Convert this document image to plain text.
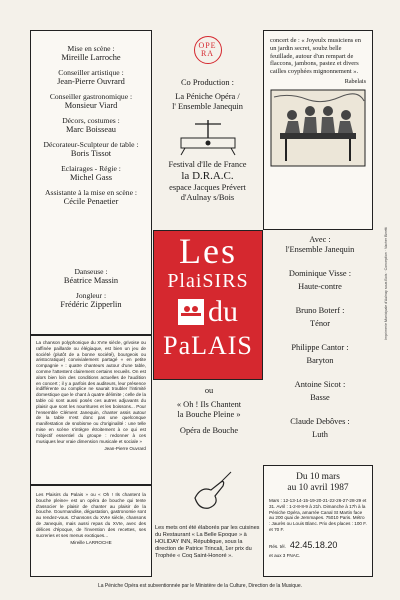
Mise en scène :
Mireille Larroche
Conseiller artistique :
Jean-Pierre Ouvrard
Conseiller gastronomique :
Monsieur Viard
Décors, costumes :
Marc Boisseau
Décorateur-Sculpteur de table :
Boris Tissot
Eclairages - Régie :
Michel Gass
Assistante à la mise en scène :
Cécile Penaetier
OPE RA
Co Production :
La Péniche Opéra /
l' Ensemble Janequin
Festival d'Ile de France
la D.R.A.C.
espace Jacques Prévert
d'Aulnay s/Bois
concert de : « Joyeulx musiciens en un jardin secret, soubz belle feuillade, autour d'un rempart de flaccons, jambons, pastez et divers cailles coyphées mignonnement ».
Rabelais
Les
PlaiSIRS
du
PaLAIS
Avec :
l'Ensemble Janequin
Dominique Visse :
Haute-contre
Bruno Boterf :
Ténor
Philippe Cantor :
Baryton
Antoine Sicot :
Basse
Claude Debôves :
Luth
Danseuse :
Béatrice Massin
Jongleur :
Frédéric Zipperlin
La chanson polyphonique du XVIe siècle, grivoise ou raffinée paillarde ou élégiaque, est bien un jeu de société (plutôt de a bonne société), bourgeois ou aristocratique) convivialement partagé « en petite compagnie » : quatre chanteurs autour d'une table, comme l'attestent clairement certains recueils. On est alors bien loin des conditions actuelles de l'audition en concert ; il y a parfois des auditeurs, leur présence indifférente ou complice ne saurait troubler l'intimité domestique que le chant à quatre délimite ; celle de la table où sont aussi posés ces autres adjuvants du plaisir que sont les nourritures et les boissons... Pour l'ensemble Clément Janequin, chanter assis autour de la table n'est donc pas une quelconque manifestation de snobisme ou d'originalité : une telle mise en scène s'intègre étroitement à ce qui est l'objectif essentiel du groupe : redonner à ces musiques leur vraie dimension musicale et sociale »
Jean-Pierre Ouvrard
ou
« Oh ! Ils Chantent
la Bouche Pleine »
Opéra de Bouche
Les Plaisirs du Palais » ou « Oh ! Ils chantent la bouche pleine» est un opéra de bouche qui tente d'associer le plaisir de chanter au plaisir de la bouche. Gourmandise, dégustation, gastronomie sont au rendez-vous. Chansons du XVIe siècle, chansons de Janequin, mais aussi repas du XVIe, avec des délices d'époque, de l'invention des recettes, ses sucreries et ses menus exotiques...
Mireille LARROCHE
Les mets ont été élaborés par les cuisines du Restaurant « La Belle Epoque » à HOLIDAY INN, République, sous la direction de Patrice Trincali, 1er prix du Trophée « Coq Saint-Honoré ».
Du 10 mars
au 10 avril 1987
Mars : 12-13-14-15-19-20-21-22-26-27-28-29 et 31. Avril : 1-2-8-8-9 à 21h. Dimanche à 17h à la Péniche Opéra, amarrée Canal St Martin face au 200 quai de Jemmapes. 75010 Paris. Métro : Jaurès ou Louis Blanc. Prix des places : 100 F. et 70 F.
Rés. tél. 42.45.18.20
et aux 3 FNAC.
Imprimerie Municipale d'Aulnay sous Bois · Conception · Vacher Binetti
La Péniche Opéra est subventionnée par le Ministère de la Culture, Direction de la Musique.
